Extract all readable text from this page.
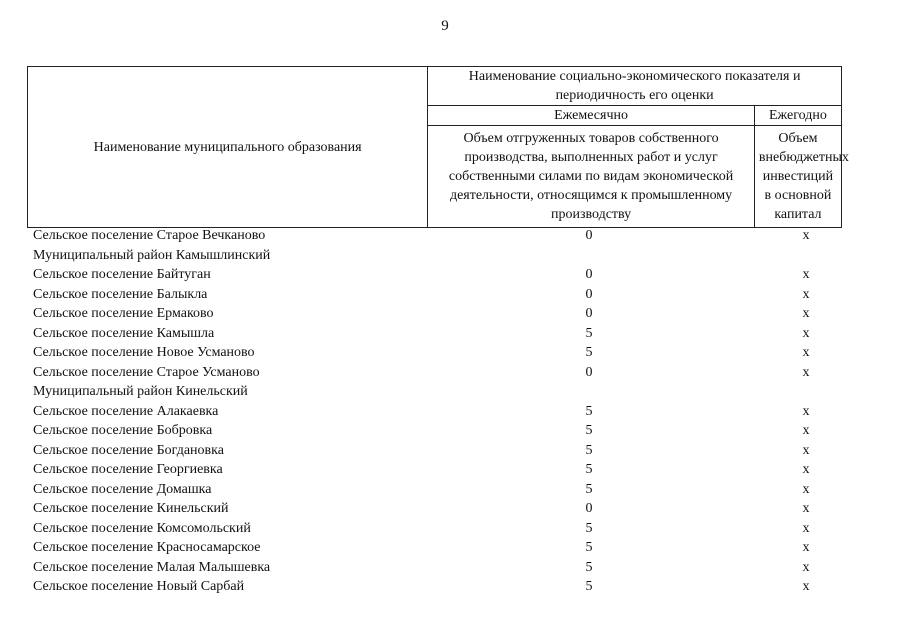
9
Наименование муниципального образования	Наименование социально-экономического показателя и периодичность его оценки	
	Ежемесячно	Ежегодно
	Объем отгруженных товаров собственного производства, выполненных работ и услуг собственными силами по видам экономической деятельности, относящимся к промышленному производству	Объем внебюджетных инвестиций в основной капитал
Сельское поселение Старое Вечканово	0	x
Муниципальный район Камышлинский
Сельское поселение Байтуган	0	x
Сельское поселение Балыкла	0	x
Сельское поселение Ермаково	0	x
Сельское поселение Камышла	5	x
Сельское поселение Новое Усманово	5	x
Сельское поселение Старое Усманово	0	x
Муниципальный район Кинельский
Сельское поселение Алакаевка	5	x
Сельское поселение Бобровка	5	x
Сельское поселение Богдановка	5	x
Сельское поселение Георгиевка	5	x
Сельское поселение Домашка	5	x
Сельское поселение Кинельский	0	x
Сельское поселение Комсомольский	5	x
Сельское поселение Красносамарское	5	x
Сельское поселение Малая Малышевка	5	x
Сельское поселение Новый Сарбай	5	x
